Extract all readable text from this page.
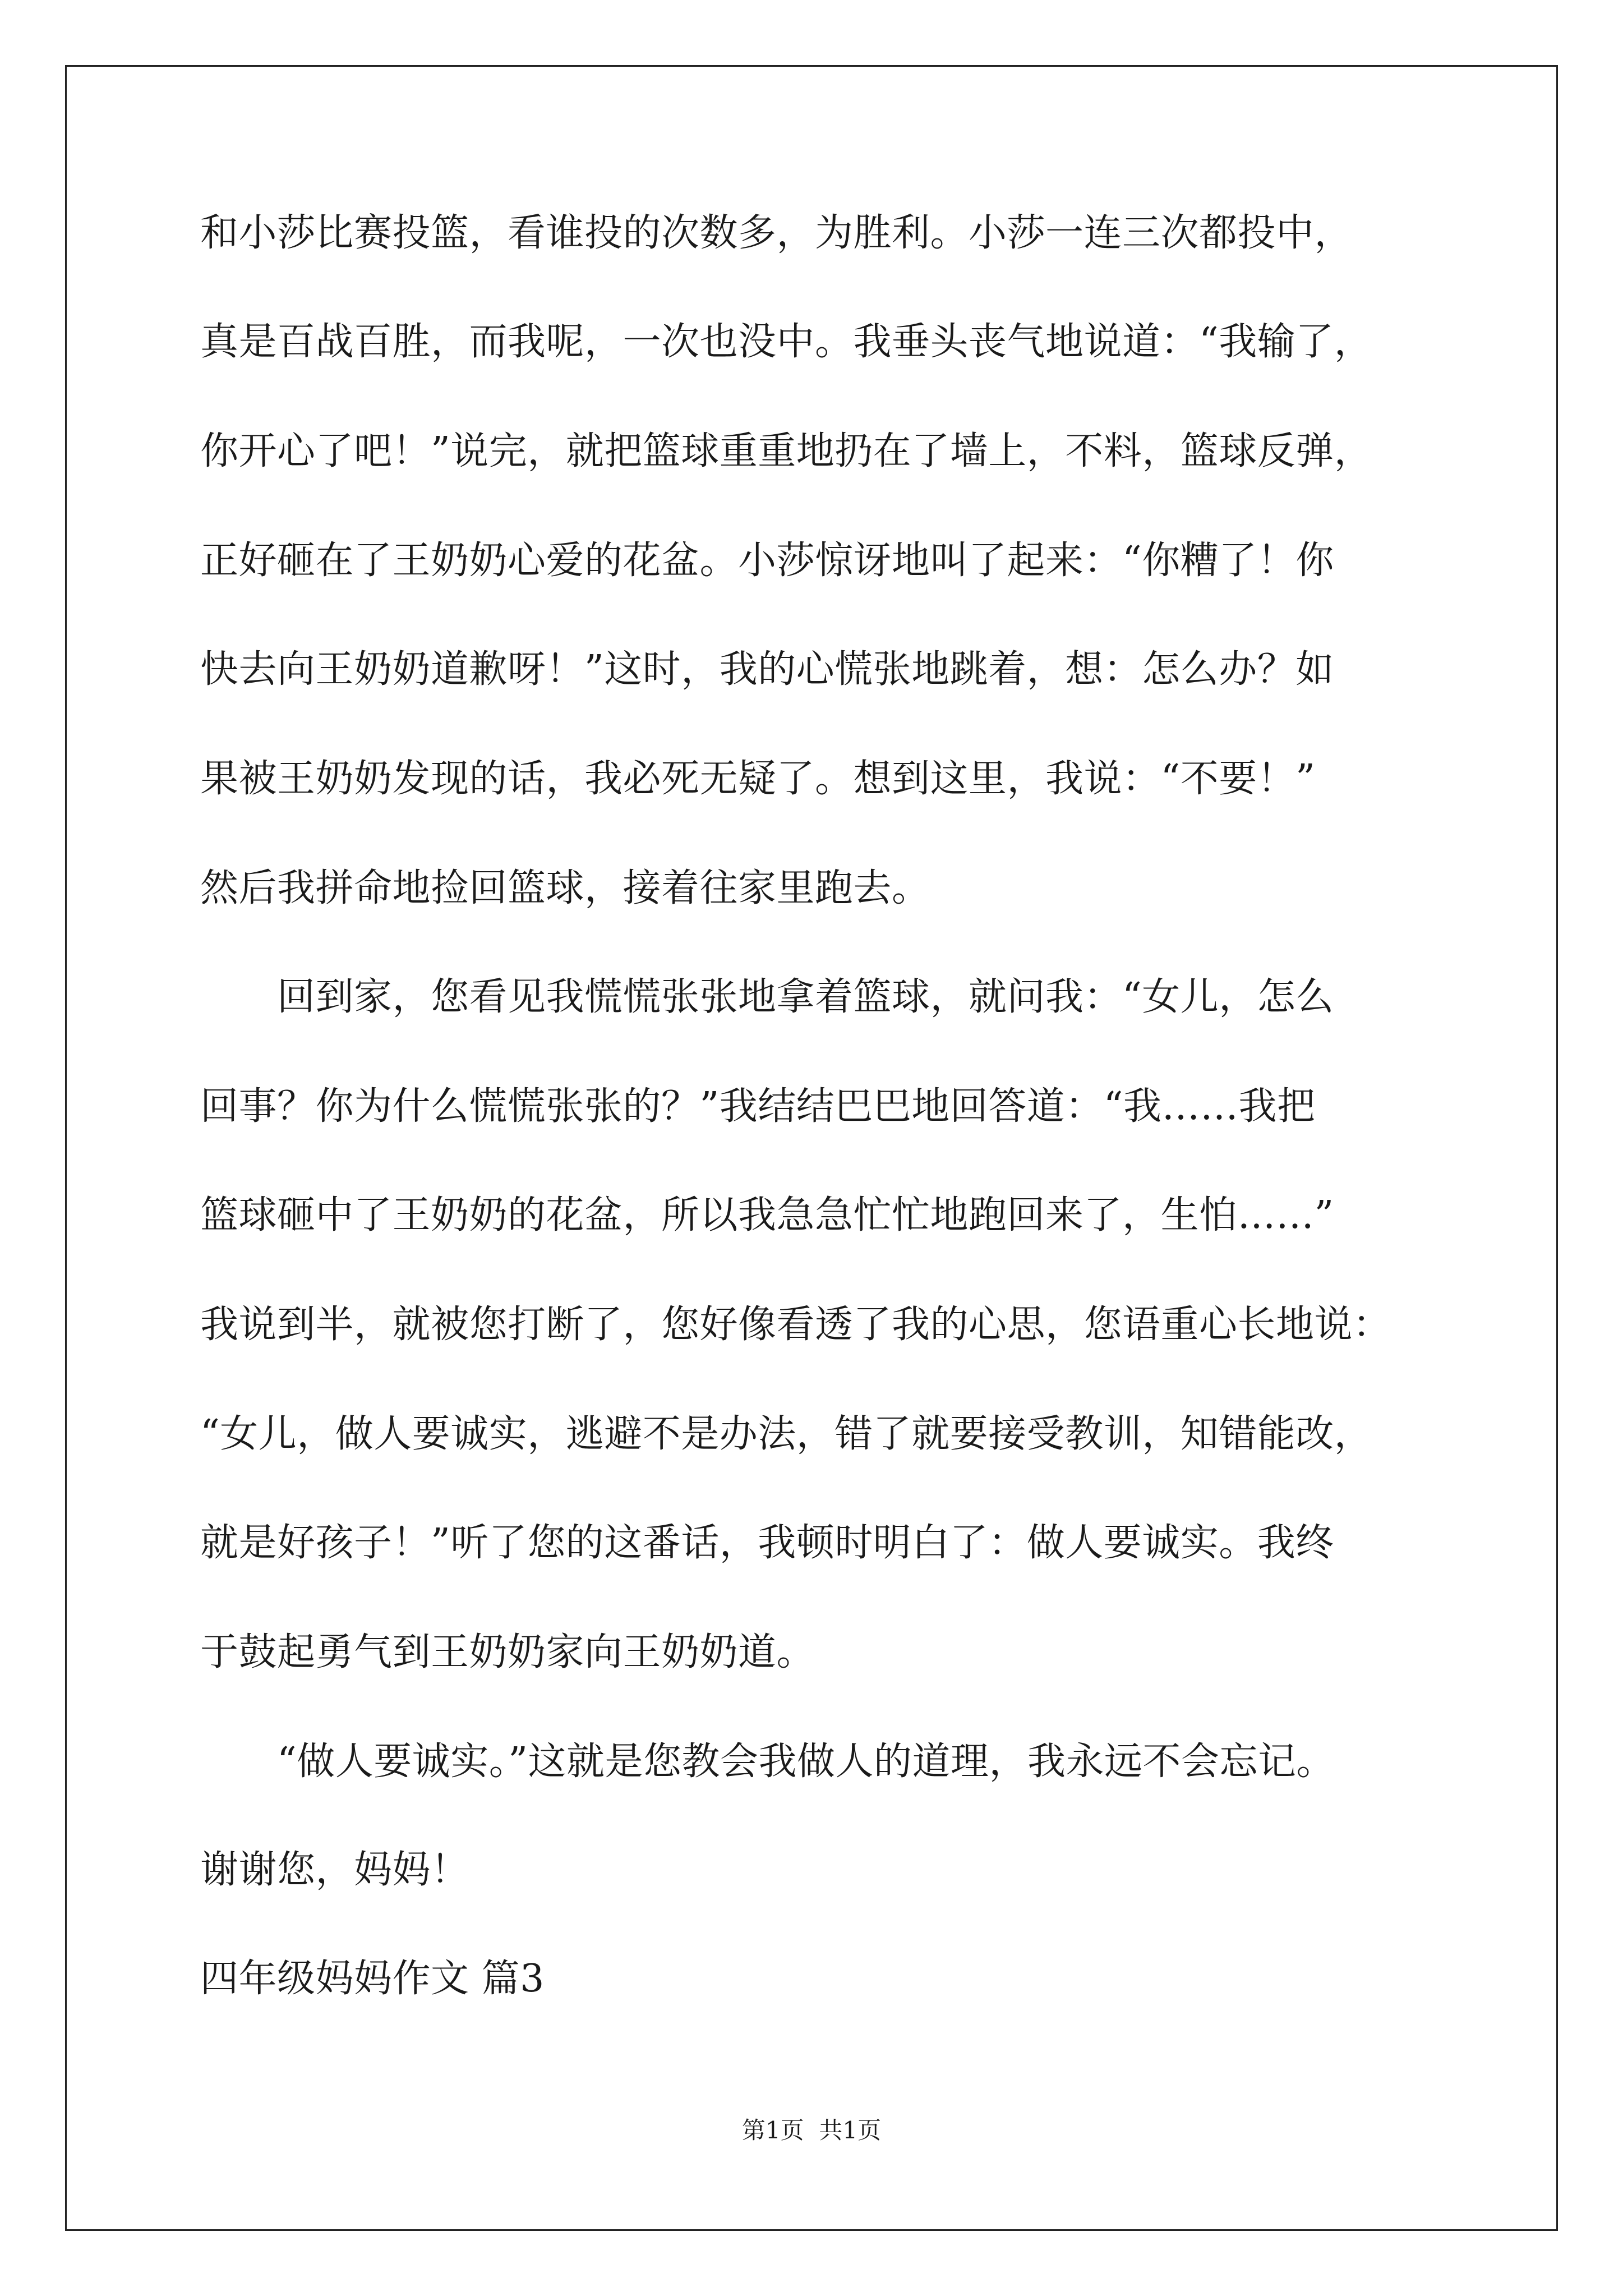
和小莎比赛投篮，看谁投的次数多，为胜利。小莎一连三次都投中，
真是百战百胜，而我呢，一次也没中。我垂头丧气地说道：“我输了，
你开心了吧！”说完，就把篮球重重地扔在了墙上，不料，篮球反弹，
正好砸在了王奶奶心爱的花盆。小莎惊讶地叫了起来：“你糟了！你
快去向王奶奶道歉呀！”这时，我的心慌张地跳着，想：怎么办？如
果被王奶奶发现的话，我必死无疑了。想到这里，我说：“不要！”
然后我拼命地捡回篮球，接着往家里跑去。
　　回到家，您看见我慌慌张张地拿着篮球，就问我：“女儿，怎么
回事？你为什么慌慌张张的？”我结结巴巴地回答道：“我……我把
篮球砸中了王奶奶的花盆，所以我急急忙忙地跑回来了，生怕……”
我说到半，就被您打断了，您好像看透了我的心思，您语重心长地说：
“女儿，做人要诚实，逃避不是办法，错了就要接受教训，知错能改，
就是好孩子！”听了您的这番话，我顿时明白了：做人要诚实。我终
于鼓起勇气到王奶奶家向王奶奶道。
　　“做人要诚实。”这就是您教会我做人的道理，我永远不会忘记。
谢谢您，妈妈！
四年级妈妈作文 篇3
第1页  共1页
